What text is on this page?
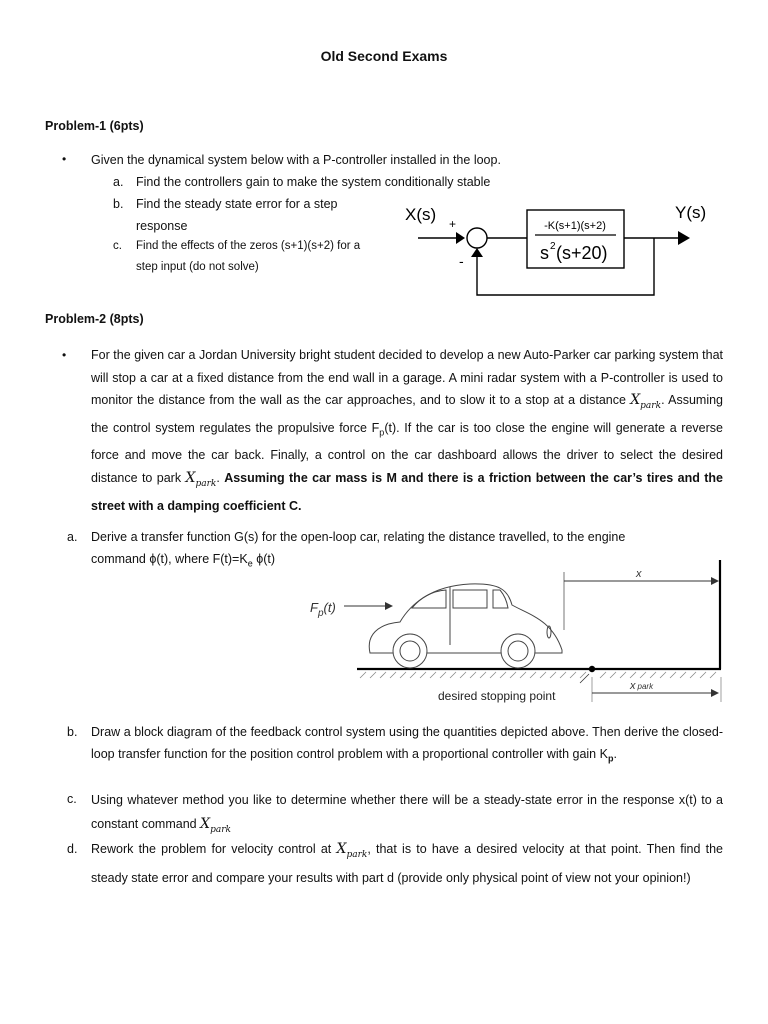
Old Second Exams
Problem-1 (6pts)
• Given the dynamical system below with a P-controller installed in the loop.
a. Find the controllers gain to make the system conditionally stable
b. Find the steady state error for a step
response
c. Find the effects of the zeros (s+1)(s+2) for a
step input (do not solve)
X(s)	Y(s)
+
-
-K(s+1)(s+2)
s 2 (s+20)
Problem-2 (8pts)
• For the given car a Jordan University bright student decided to develop a new Auto-Parker car parking system that will stop a car at a fixed distance from the end wall in a garage. A mini radar system with a P-controller is used to monitor the distance from the wall as the car approaches, and to slow it to a stop at a distance $X_{park}$. Assuming the control system regulates the propulsive force $F_p(t)$. If the car is too close the engine will generate a reverse force and move the car back. Finally, a control on the car dashboard allows the driver to select the desired distance to park $X_{park}$. Assuming the car mass is M and there is a friction between the car’s tires and the street with a damping coefficient C.
a. Derive a transfer function G(s) for the open-loop car, relating the distance travelled, to the engine
command ϕ(t), where $F(t)=K_e$ ϕ(t)
$F_p(t)$
x
desired stopping point
x park
b. Draw a block diagram of the feedback control system using the quantities depicted above. Then derive the closed-loop transfer function for the position control problem with a proportional controller with gain $K_p$.
c. Using whatever method you like to determine whether there will be a steady-state error in the response x(t) to a constant command $X_{park}$
d. Rework the problem for velocity control at $X_{park}$, that is to have a desired velocity at that point. Then find the steady state error and compare your results with part d (provide only physical point of view not your opinion!)
